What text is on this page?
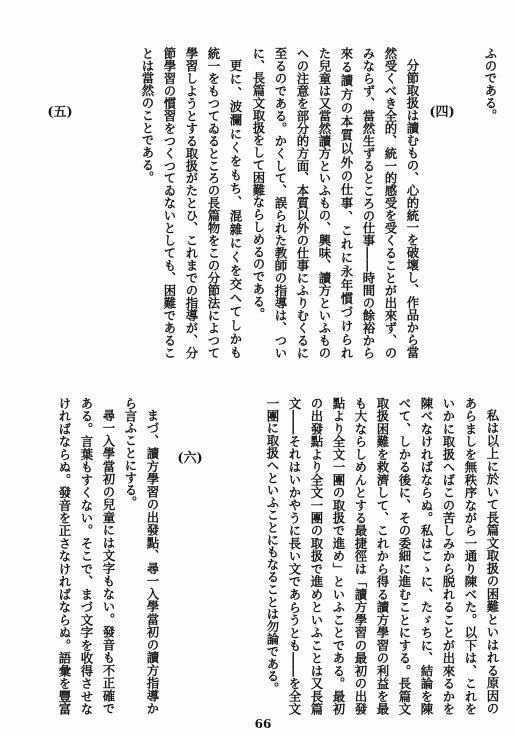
ふのである。
(四)
分節取扱は讀むもの、心的統一を破壞し、作品から當
然受くべき全的、統一的感受を受くることが出來ず、の
みならず、當然生ずるところの仕事――時間の餘裕から
來る讀方の本質以外の仕事、これに永年慣づけられ
た兒童は又當然讀方といふもの、興味、讀方といふもの
への注意を部分的方面、本質以外の仕事にふりむくるに
至るのである。かくして、誤られた教師の指導は、つい
に、長篇文取扱をして困難ならしめるのである。
更に、波瀾にくをもち、混雜にくを交へてしかも
統一をもつてゐるところの長篇物をこの分節法によつて
學習しようとする取扱がたとひ、これまでの指導が、分
節學習の慣習をつくつてゐないとしても、困難であるこ
とは當然のことである。
(五)
私は以上に於いて長篇文取扱の困難といはれる原因の
あらましを無秩序ながら一通り陳べた。以下は、これを
いかに取扱へばこの苦しみから脱れることが出來るかを
陳べなければならぬ。私はこゝに、たゞちに、結論を陳
べて、しかる後に、その委細に進むことにする。長篇文
取扱困難を救濟して、これから得る讀方學習の利益を最
も大ならしめんとする最捷徑は「讀方學習の最初の出發
點より全文一團の取扱で進め」といふことである。最初
の出發點より全文一團の取扱で進めといふことは又長篇
文――それはいかやうに長い文であらうとも――を全文
一團に取扱へといふことにもなることは勿論である。
(六)
まづ、讀方學習の出發點、尋一入學當初の讀方指導か
ら言ふことにする。
尋一入學當初の兒童には文字もない。發音も不正確で
ある。言葉もすくない。そこで、まづ文字を收得させな
ければならぬ。發音を正さなければならぬ。語彙を豐富
66
